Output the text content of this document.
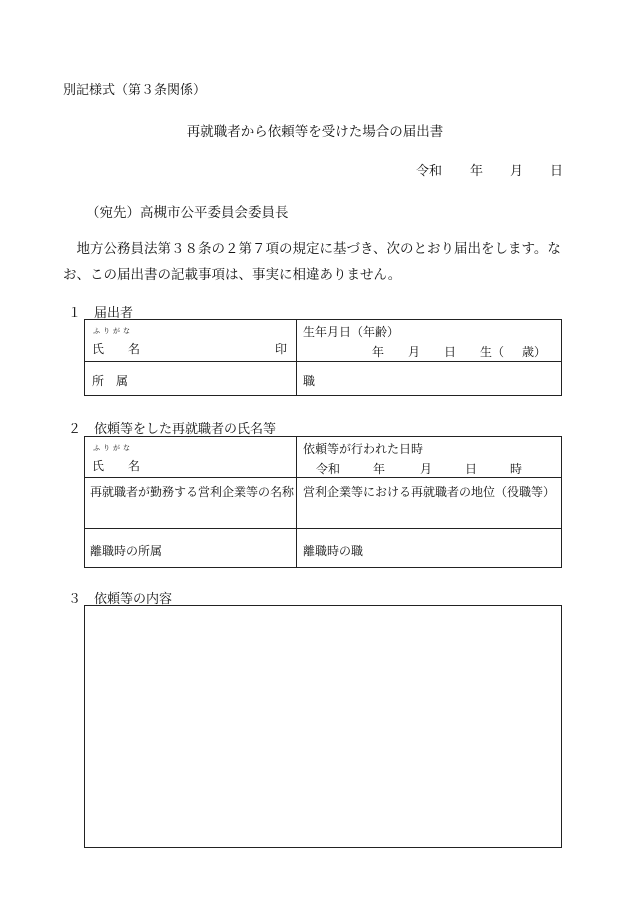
別記様式（第３条関係）
再就職者から依頼等を受けた場合の届出書
令和 年 月 日
（宛先）高槻市公平委員会委員長

地方公務員法第３８条の２第７項の規定に基づき、次のとおり届出をします。なお、この届出書の記載事項は、事実に相違ありません。

１　届出者
ふりがな
氏　　名	印
生年月日（年齢）
年 月 日 生（ 歳）
所　属	職
２　依頼等をした再就職者の氏名等
ふりがな
氏　　名
依頼等が行われた日時
令和	年	月	日	時
再就職者が勤務する営利企業等の名称 営利企業等における再就職者の地位（役職等）
離職時の所属	離職時の職
３　依頼等の内容
